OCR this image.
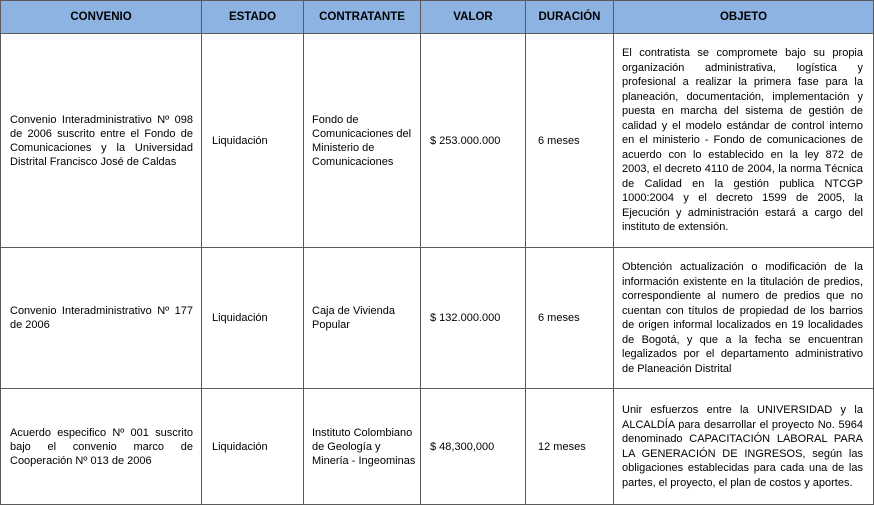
CONVENIO	ESTADO	CONTRATANTE	VALOR	DURACIÓN	OBJETO
Convenio Interadministrativo Nº 098 de 2006 suscrito entre el Fondo de Comunicaciones y la Universidad Distrital Francisco José de Caldas	Liquidación	Fondo de Comunicaciones del Ministerio de Comunicaciones	$ 253.000.000	6 meses	El contratista se compromete bajo su propia organización administrativa, logística y profesional a realizar la primera fase para la planeación, documentación, implementación y puesta en marcha del sistema de gestión de calidad y el modelo estándar de control interno en el ministerio - Fondo de comunicaciones de acuerdo con lo establecido en la ley 872 de 2003, el decreto 4110 de 2004, la norma Técnica de Calidad en la gestión publica NTCGP 1000:2004 y el decreto 1599 de 2005, la Ejecución y administración estará a cargo del instituto de extensión.
Convenio Interadministrativo Nº 177 de 2006	Liquidación	Caja de Vivienda Popular	$ 132.000.000	6 meses	Obtención actualización o modificación de la información existente en la titulación de predios, correspondiente al numero de predios que no cuentan con títulos de propiedad de los barrios de origen informal localizados en 19 localidades de Bogotá, y que a la fecha se encuentran legalizados por el departamento administrativo de Planeación Distrital
Acuerdo especifico Nº 001 suscrito bajo el convenio marco de Cooperación Nº 013 de 2006	Liquidación	Instituto Colombiano de Geología y Minería - Ingeominas	$ 48,300,000	12 meses	Unir esfuerzos entre la UNIVERSIDAD y la ALCALDÍA para desarrollar el proyecto No. 5964 denominado CAPACITACIÓN LABORAL PARA LA GENERACIÓN DE INGRESOS, según las obligaciones establecidas para cada una de las partes, el proyecto, el plan de costos y aportes.
